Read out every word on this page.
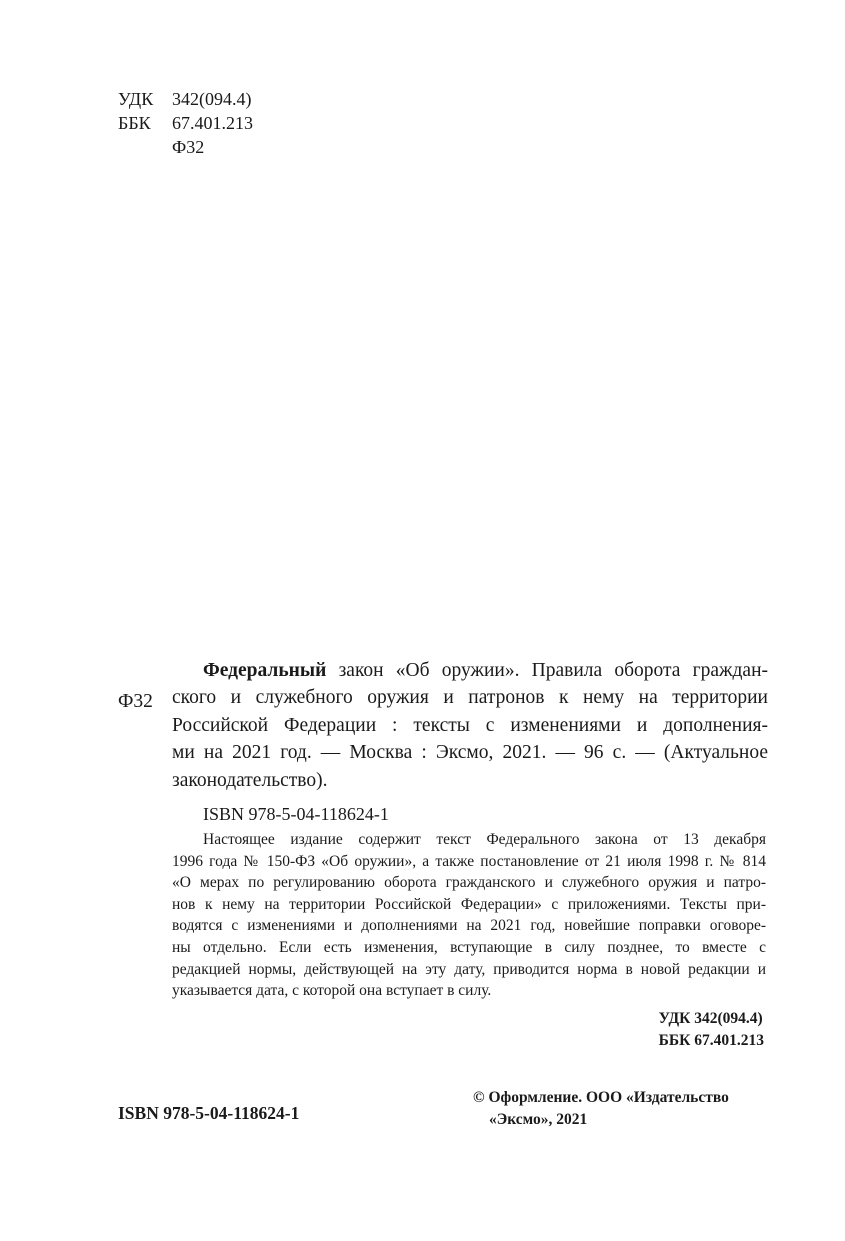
УДК 342(094.4)
ББК 67.401.213
Ф32
Ф32
Федеральный закон «Об оружии». Правила оборота граждан-
ского и служебного оружия и патронов к нему на территории
Российской Федерации : тексты с изменениями и дополнения-
ми на 2021 год. — Москва : Эксмо, 2021. — 96 с. — (Актуальное
законодательство).
ISBN 978-5-04-118624-1
Настоящее издание содержит текст Федерального закона от 13 декабря
1996 года № 150-ФЗ «Об оружии», а также постановление от 21 июля 1998 г. № 814
«О мерах по регулированию оборота гражданского и служебного оружия и патро-
нов к нему на территории Российской Федерации» с приложениями. Тексты при-
водятся с изменениями и дополнениями на 2021 год, новейшие поправки оговоре-
ны отдельно. Если есть изменения, вступающие в силу позднее, то вместе с
редакцией нормы, действующей на эту дату, приводится норма в новой редакции и
указывается дата, с которой она вступает в силу.
УДК 342(094.4)
ББК 67.401.213
ISBN 978-5-04-118624-1
© Оформление. ООО «Издательство
«Эксмо», 2021
